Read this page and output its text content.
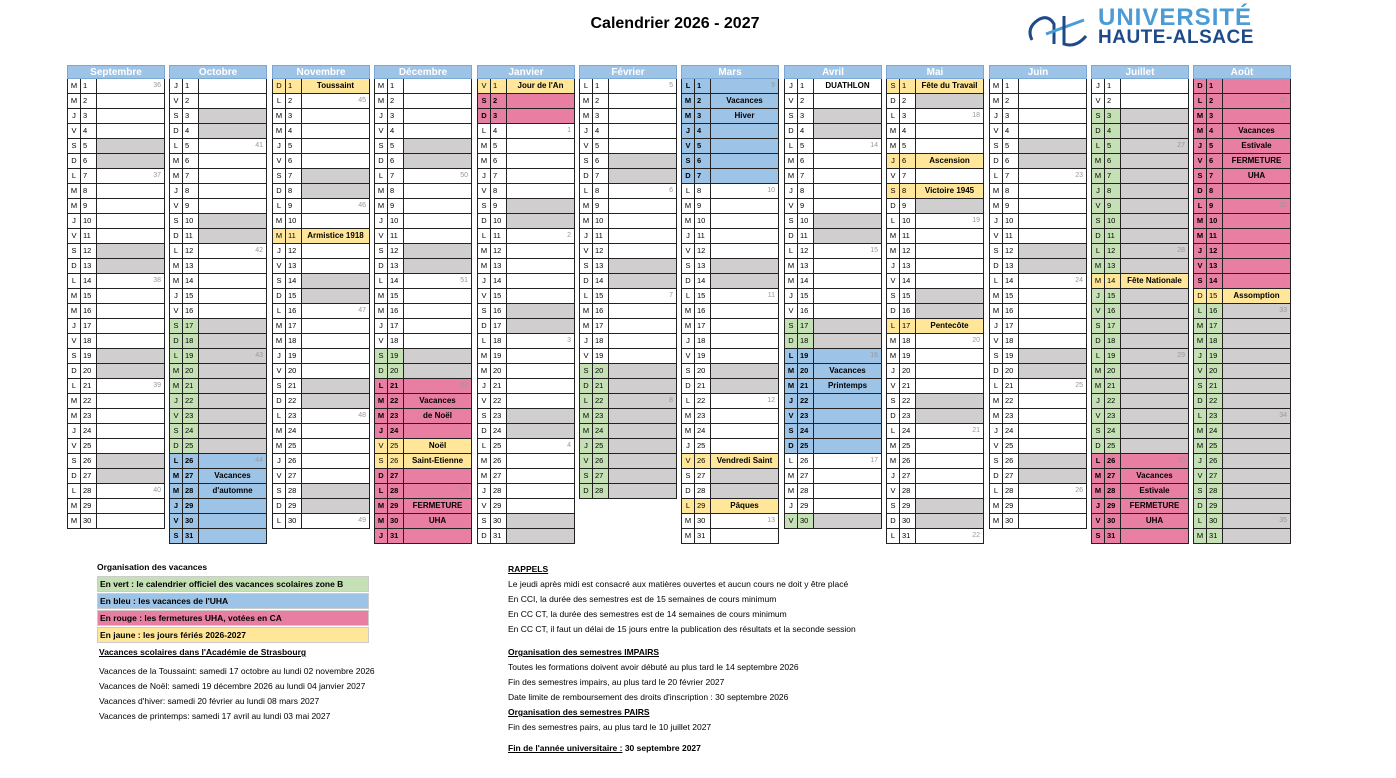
Calendrier 2026 - 2027	UNIVERSITÉ
HAUTE-ALSACE
Septembre
M 1	36
M 2
J 3
V 4
S 5
D 6
L 7	37
M 8
M 9
J 10
V 11
S 12
D 13
L 14	38
M 15
M 16
J 17
V 18
S 19
D 20
L 21	39
M 22
M 23
J 24
V 25
S 26
D 27
L 28	40
M 29
M 30
Octobre
J 1
V 2
S 3
D 4
L 5	41
M 6
M 7
J 8
V 9
S 10
D 11
L 12	42
M 13
M 14
J 15
V 16
S 17
D 18
L 19	43
M 20
M 21
J 22
V 23
S 24
D 25
L 26	44
M 27	Vacances
M 28	d'automne
J 29
V 30
S 31
Novembre
D 1	Toussaint
L 2	45
M 3
M 4
J 5
V 6
S 7
D 8
L 9	46
M 10
M 11	Armistice 1918
J 12
V 13
S 14
D 15
L 16	47
M 17
M 18
J 19
V 20
S 21
D 22
L 23	48
M 24
M 25
J 26
V 27
S 28
D 29
L 30	49
Décembre
M 1
M 2
J 3
V 4
S 5
D 6
L 7	50
M 8
M 9
J 10
V 11
S 12
D 13
L 14	51
M 15
M 16
J 17
V 18
S 19
D 20
L 21	52
M 22	Vacances
M 23	de Noël
J 24
V 25	Noël
S 26	Saint-Etienne
D 27
L 28	53
M 29	FERMETURE
M 30	UHA
J 31
Janvier
V 1	Jour de l'An
S 2
D 3
L 4	1
M 5
M 6
J 7
V 8
S 9
D 10
L 11	2
M 12
M 13
J 14
V 15
S 16
D 17
L 18	3
M 19
M 20
J 21
V 22
S 23
D 24
L 25	4
M 26
M 27
J 28
V 29
S 30
D 31
Février
L 1	5
M 2
M 3
J 4
V 5
S 6
D 7
L 8	6
M 9
M 10
J 11
V 12
S 13
D 14
L 15	7
M 16
M 17
J 18
V 19
S 20
D 21
L 22	8
M 23
M 24
J 25
V 26
S 27
D 28
Mars
L 1	9
M 2	Vacances
M 3	Hiver
J 4
V 5
S 6
D 7
L 8	10
M 9
M 10
J 11
V 12
S 13
D 14
L 15	11
M 16
M 17
J 18
V 19
S 20
D 21
L 22	12
M 23
M 24
J 25
V 26	Vendredi Saint
S 27
D 28
L 29	Pâques
M 30	13
M 31
Avril
J 1	DUATHLON
V 2
S 3
D 4
L 5	14
M 6
M 7
J 8
V 9
S 10
D 11
L 12	15
M 13
M 14
J 15
V 16
S 17
D 18
L 19	16
M 20	Vacances
M 21	Printemps
J 22
V 23
S 24
D 25
L 26	17
M 27
M 28
J 29
V 30
Mai
S 1	Fête du Travail
D 2
L 3	18
M 4
M 5
J 6	Ascension
V 7
S 8	Victoire 1945
D 9
L 10	19
M 11
M 12
J 13
V 14
S 15
D 16
L 17	Pentecôte
M 18	20
M 19
J 20
V 21
S 22
D 23
L 24	21
M 25
M 26
J 27
V 28
S 29
D 30
L 31	22
Juin
M 1
M 2
J 3
V 4
S 5
D 6
L 7	23
M 8
M 9
J 10
V 11
S 12
D 13
L 14	24
M 15
M 16
J 17
V 18
S 19
D 20
L 21	25
M 22
M 23
J 24
V 25
S 26
D 27
L 28	26
M 29
M 30
Juillet
J 1
V 2
S 3
D 4
L 5	27
M 6
M 7
J 8
V 9
S 10
D 11
L 12	28
M 13
M 14	Fête Nationale
J 15
V 16
S 17
D 18
L 19	29
M 20
M 21
J 22
V 23
S 24
D 25
L 26	30
M 27	Vacances
M 28	Estivale
J 29	FERMETURE
V 30	UHA
S 31
Août
D 1
L 2	31
M 3
M 4	Vacances
J 5	Estivale
V 6	FERMETURE
S 7	UHA
D 8
L 9	32
M 10
M 11
J 12
V 13
S 14
D 15	Assomption
L 16	33
M 17
M 18
J 19
V 20
S 21
D 22
L 23	34
M 24
M 25
J 26
V 27
S 28
D 29
L 30	35
M 31
Organisation des vacances
En vert : le calendrier officiel des vacances scolaires zone B
En bleu : les vacances de l'UHA
En rouge : les fermetures UHA, votées en CA
En jaune : les jours fériés 2026-2027
Vacances scolaires dans l'Académie de Strasbourg
Vacances de la Toussaint: samedi 17 octobre au lundi 02 novembre 2026
Vacances de Noël: samedi 19 décembre 2026 au lundi 04 janvier 2027
Vacances d'hiver: samedi 20 février au lundi 08 mars 2027
Vacances de printemps: samedi 17 avril au lundi 03 mai 2027
RAPPELS
Le jeudi après midi est consacré aux matières ouvertes et aucun cours ne doit y être placé
En CCI, la durée des semestres est de 15 semaines de cours minimum
En CC CT, la durée des semestres est de 14 semaines de cours minimum
En CC CT, il faut un délai de 15 jours entre la publication des résultats et la seconde session
Organisation des semestres IMPAIRS
Toutes les formations doivent avoir débuté au plus tard le 14 septembre 2026
Fin des semestres impairs, au plus tard le 20 février 2027
Date limite de remboursement des droits d'inscription : 30 septembre 2026
Organisation des semestres PAIRS
Fin des semestres pairs, au plus tard le 10 juillet 2027
Fin de l'année universitaire : 30 septembre 2027
